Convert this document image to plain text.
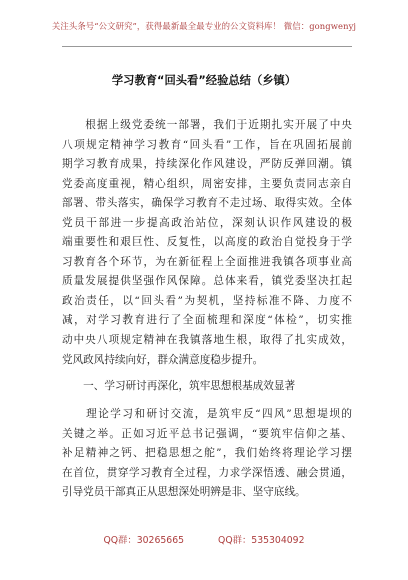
关注头条号“公文研究”，获得最新最全最专业的公文资料库！ 微信：gongwenyj
学习教育“回头看”经验总结（乡镇）
　　根据上级党委统一部署，我们于近期扎实开展了中央
八项规定精神学习教育“回头看”工作，旨在巩固拓展前
期学习教育成果，持续深化作风建设，严防反弹回潮。镇
党委高度重视，精心组织，周密安排，主要负责同志亲自
部署、带头落实，确保学习教育不走过场、取得实效。全体
党员干部进一步提高政治站位，深刻认识作风建设的极
端重要性和艰巨性、反复性，以高度的政治自觉投身于学
习教育各个环节，为在新征程上全面推进我镇各项事业高
质量发展提供坚强作风保障。总体来看，镇党委坚决扛起
政治责任，以“回头看”为契机，坚持标准不降、力度不
减，对学习教育进行了全面梳理和深度“体检”，切实推
动中央八项规定精神在我镇落地生根，取得了扎实成效，
党风政风持续向好，群众满意度稳步提升。
　　一、学习研讨再深化，筑牢思想根基成效显著
　　理论学习和研讨交流，是筑牢反“四风”思想堤坝的
关键之举。正如习近平总书记强调，“要筑牢信仰之基、
补足精神之钙、把稳思想之舵”，我们始终将理论学习摆
在首位，贯穿学习教育全过程，力求学深悟透、融会贯通，
引导党员干部真正从思想深处明辨是非、坚守底线。
QQ群：30265665	QQ群：535304092
